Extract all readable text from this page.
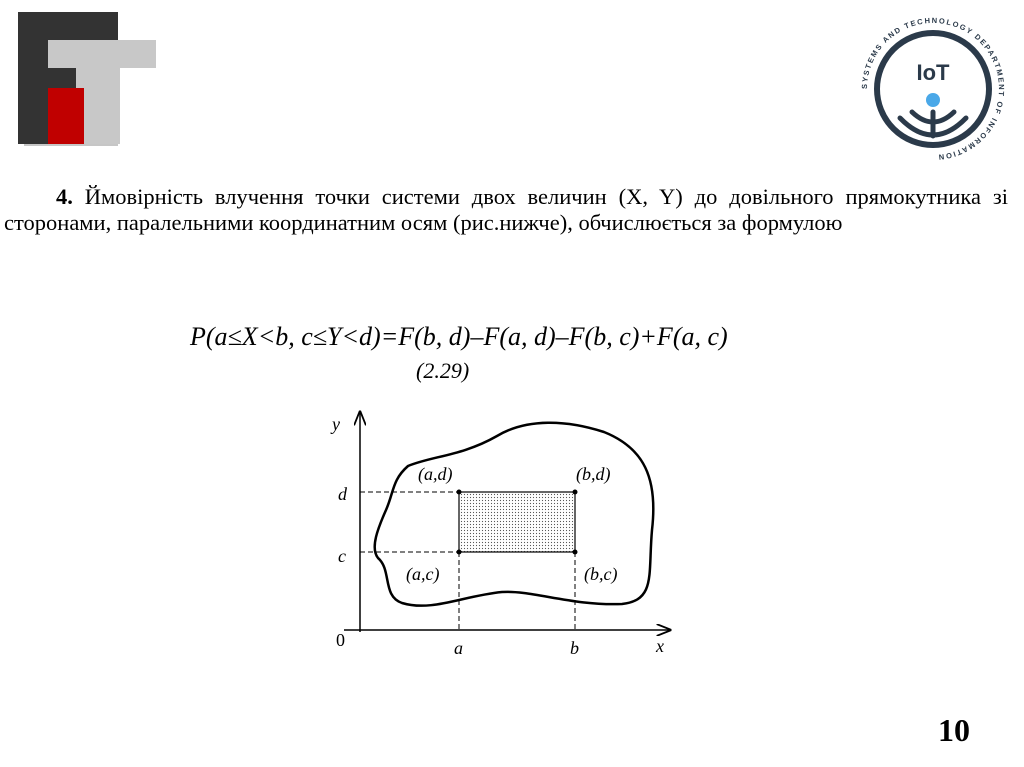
SYSTEMS AND TECHNOLOGY DEPARTMENT OF INFORMATION
IoT

4. Ймовірність влучення точки системи двох величин (X, Y) до довільного прямокутника зі сторонами, паралельними координатним осям (рис.нижче), обчислюється за формулою

P(a≤X<b, c≤Y<d)=F(b, d)–F(a, d)–F(b, c)+F(a, c)
(2.29)
y
x
0	a	b
d
c
(a,d)	(b,d)
(a,c)	(b,c)
10
